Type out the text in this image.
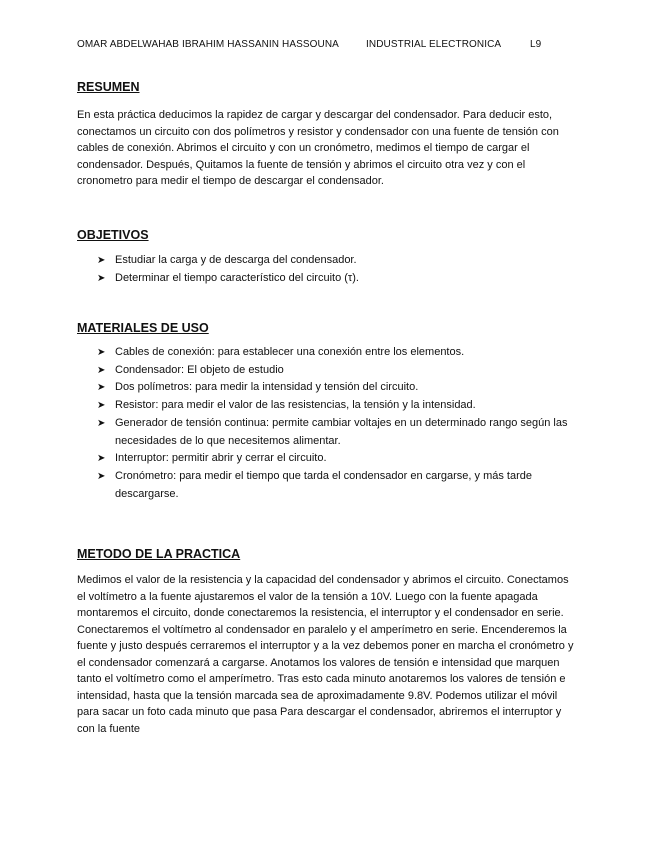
OMAR ABDELWAHAB IBRAHIM HASSANIN HASSOUNA	INDUSTRIAL ELECTRONICA	L9
RESUMEN

En esta práctica deducimos la rapidez de cargar y descargar del condensador. Para deducir esto, conectamos un circuito con dos polímetros y resistor y condensador con una fuente de tensión con cables de conexión. Abrimos el circuito y con un cronómetro, medimos el tiempo de cargar el condensador. Después, Quitamos la fuente de tensión y abrimos el circuito otra vez y con el cronometro para medir el tiempo de descargar el condensador.

OBJETIVOS
➤ Estudiar la carga y de descarga del condensador.
➤ Determinar el tiempo característico del circuito (τ).
MATERIALES DE USO
➤ Cables de conexión: para establecer una conexión entre los elementos.
➤ Condensador: El objeto de estudio
➤ Dos polímetros: para medir la intensidad y tensión del circuito.
➤ Resistor: para medir el valor de las resistencias, la tensión y la intensidad.
➤ Generador de tensión continua: permite cambiar voltajes en un determinado rango según las necesidades de lo que necesitemos alimentar.
➤ Interruptor: permitir abrir y cerrar el circuito.
➤ Cronómetro: para medir el tiempo que tarda el condensador en cargarse, y más tarde descargarse.
METODO DE LA PRACTICA

Medimos el valor de la resistencia y la capacidad del condensador y abrimos el circuito. Conectamos el voltímetro a la fuente ajustaremos el valor de la tensión a 10V. Luego con la fuente apagada montaremos el circuito, donde conectaremos la resistencia, el interruptor y el condensador en serie. Conectaremos el voltímetro al condensador en paralelo y el amperímetro en serie. Encenderemos la fuente y justo después cerraremos el interruptor y a la vez debemos poner en marcha el cronómetro y el condensador comenzará a cargarse. Anotamos los valores de tensión e intensidad que marquen tanto el voltímetro como el amperímetro. Tras esto cada minuto anotaremos los valores de tensión e intensidad, hasta que la tensión marcada sea de aproximadamente 9.8V. Podemos utilizar el móvil para sacar un foto cada minuto que pasa Para descargar el condensador, abriremos el interruptor y con la fuente
